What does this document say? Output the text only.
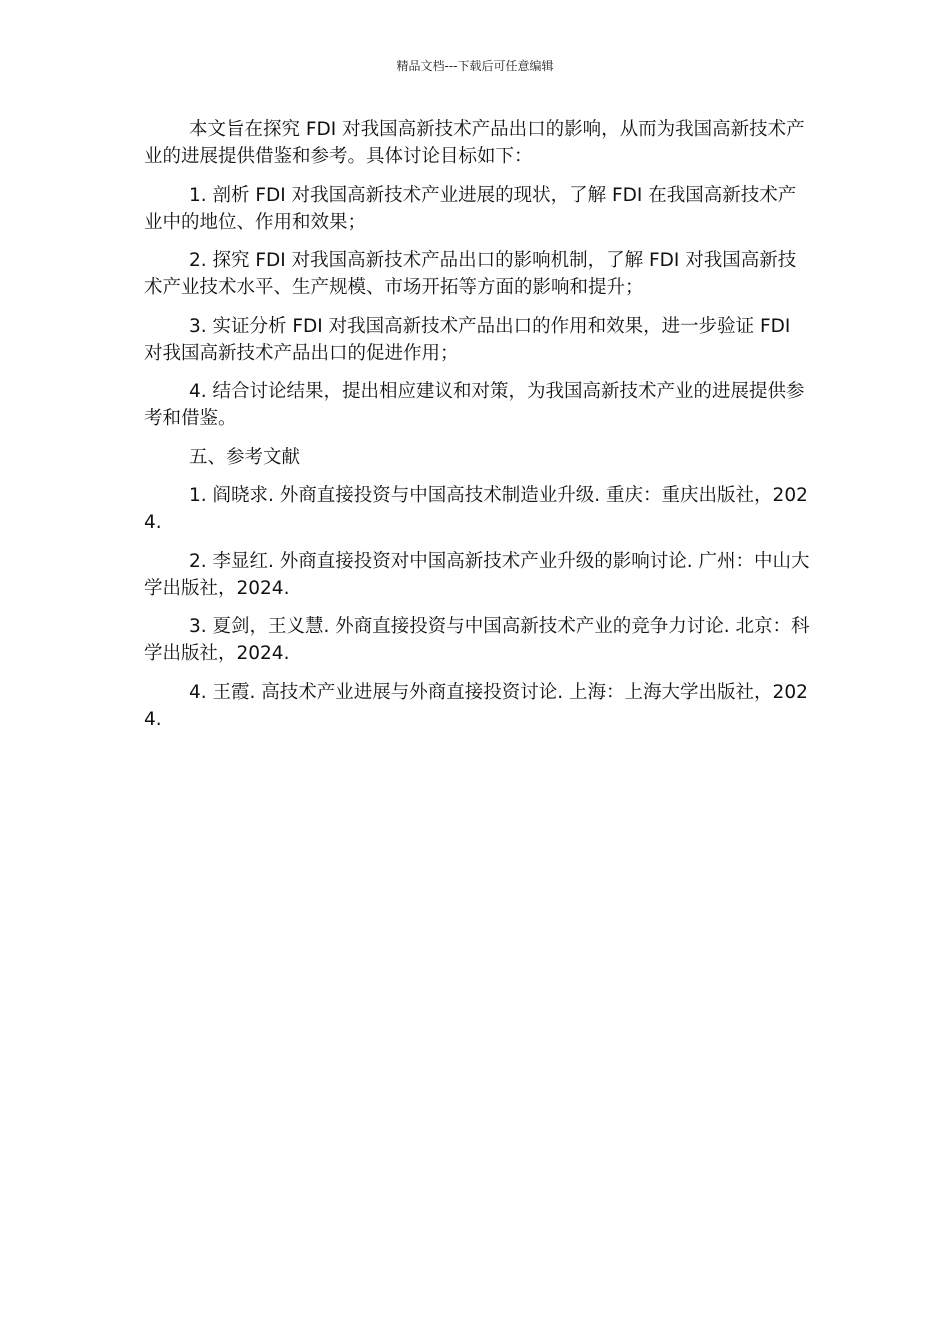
精品文档---下载后可任意编辑

本文旨在探究 FDI 对我国高新技术产品出口的影响，从而为我国高新技术产业的进展提供借鉴和参考。具体讨论目标如下：

1. 剖析 FDI 对我国高新技术产业进展的现状，了解 FDI 在我国高新技术产业中的地位、作用和效果；

2. 探究 FDI 对我国高新技术产品出口的影响机制，了解 FDI 对我国高新技术产业技术水平、生产规模、市场开拓等方面的影响和提升；

3. 实证分析 FDI 对我国高新技术产品出口的作用和效果，进一步验证 FDI 对我国高新技术产品出口的促进作用；

4. 结合讨论结果，提出相应建议和对策，为我国高新技术产业的进展提供参考和借鉴。

五、参考文献

1. 阎晓求. 外商直接投资与中国高技术制造业升级. 重庆：重庆出版社，2024.

2. 李显红. 外商直接投资对中国高新技术产业升级的影响讨论. 广州：中山大学出版社，2024.

3. 夏剑，王义慧. 外商直接投资与中国高新技术产业的竞争力讨论. 北京：科学出版社，2024.

4. 王霞. 高技术产业进展与外商直接投资讨论. 上海：上海大学出版社，2024.
